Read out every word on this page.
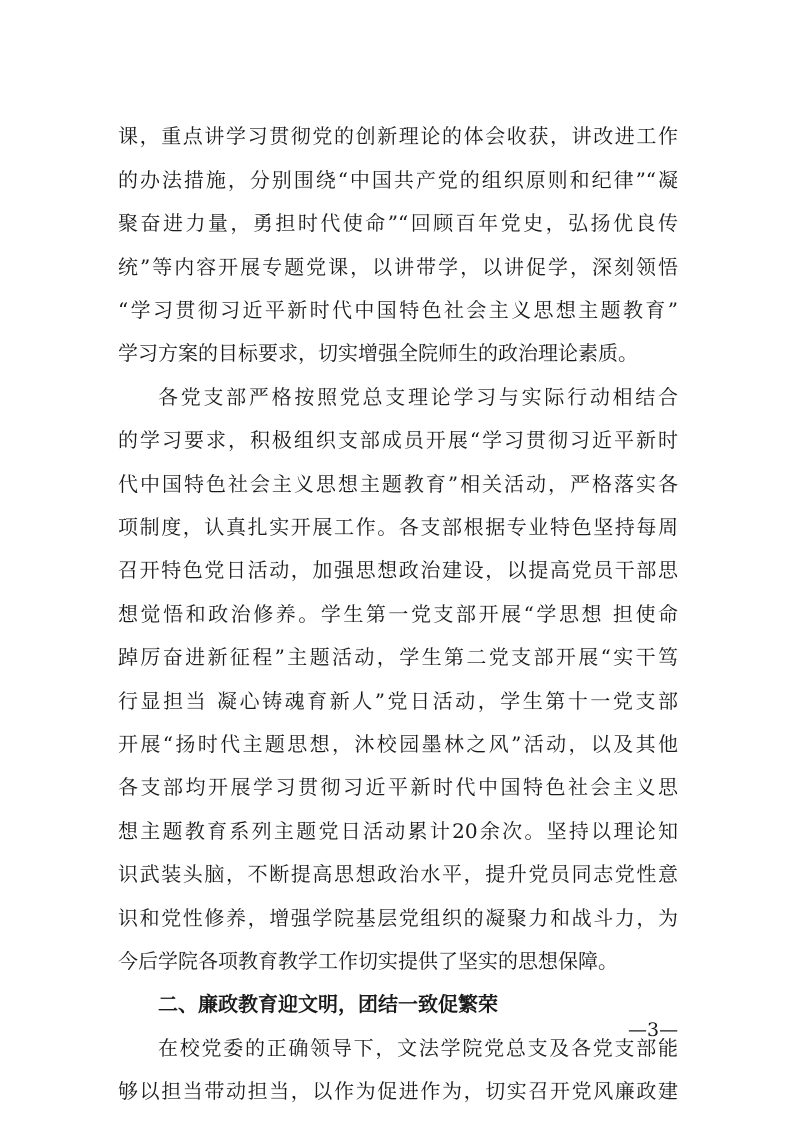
课，重点讲学习贯彻党的创新理论的体会收获，讲改进工作
的办法措施，分别围绕“中国共产党的组织原则和纪律”“凝
聚奋进力量，勇担时代使命”“回顾百年党史，弘扬优良传
统”等内容开展专题党课，以讲带学，以讲促学，深刻领悟
“学习贯彻习近平新时代中国特色社会主义思想主题教育”
学习方案的目标要求，切实增强全院师生的政治理论素质。
各党支部严格按照党总支理论学习与实际行动相结合
的学习要求，积极组织支部成员开展“学习贯彻习近平新时
代中国特色社会主义思想主题教育”相关活动，严格落实各
项制度，认真扎实开展工作。各支部根据专业特色坚持每周
召开特色党日活动，加强思想政治建设，以提高党员干部思
想觉悟和政治修养。学生第一党支部开展“学思想 担使命
踔厉奋进新征程”主题活动，学生第二党支部开展“实干笃
行显担当 凝心铸魂育新人”党日活动，学生第十一党支部
开展“扬时代主题思想，沐校园墨林之风”活动，以及其他
各支部均开展学习贯彻习近平新时代中国特色社会主义思
想主题教育系列主题党日活动累计20余次。坚持以理论知
识武装头脑，不断提高思想政治水平，提升党员同志党性意
识和党性修养，增强学院基层党组织的凝聚力和战斗力，为
今后学院各项教育教学工作切实提供了坚实的思想保障。
二、廉政教育迎文明，团结一致促繁荣
在校党委的正确领导下，文法学院党总支及各党支部能
够以担当带动担当，以作为促进作为，切实召开党风廉政建
—3—
